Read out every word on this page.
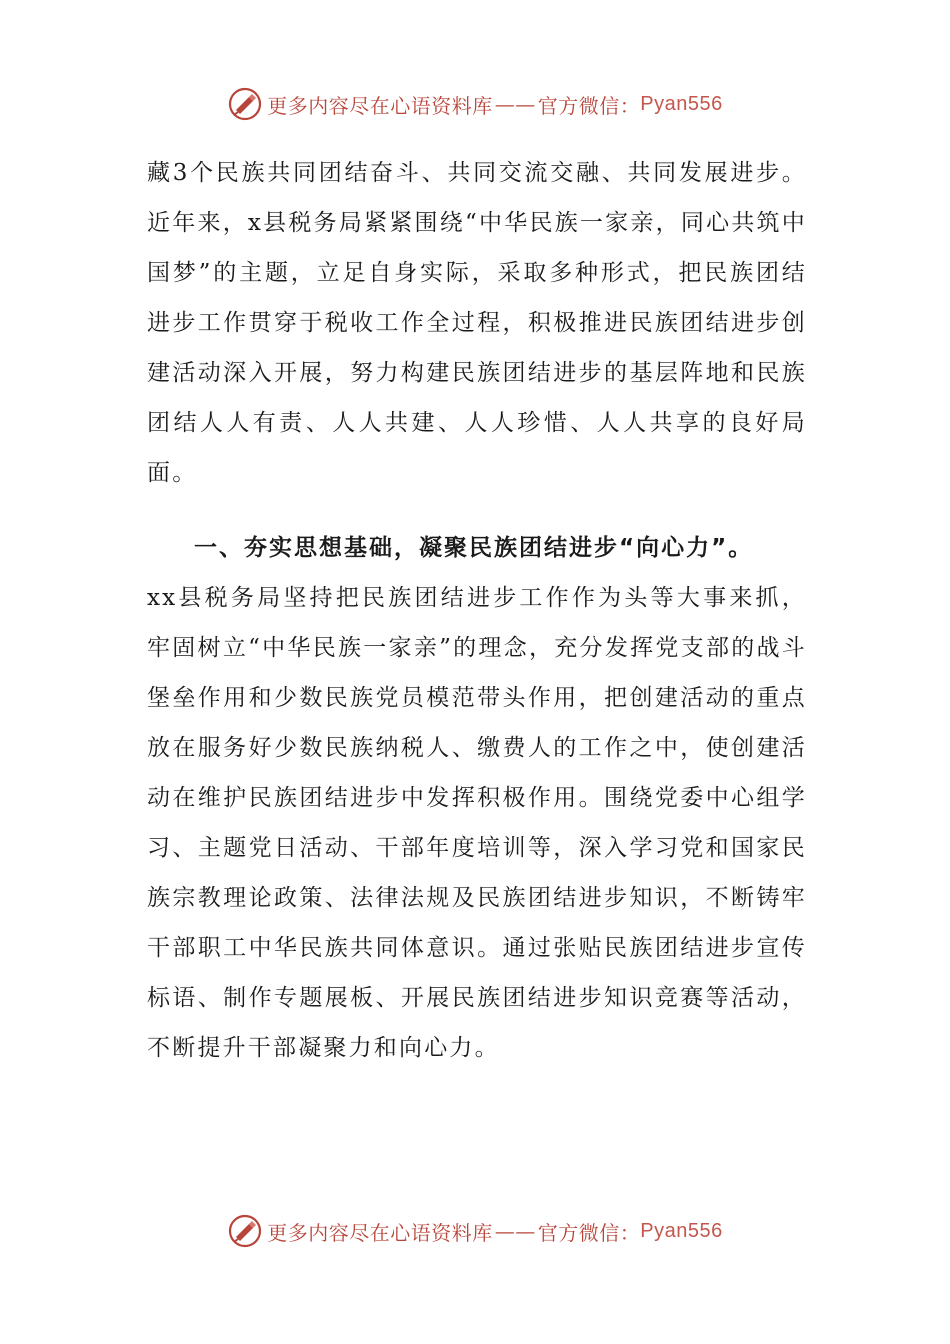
更多内容尽在心语资料库 —— 官方微信： Pyan556

藏3个民族共同团结奋斗、共同交流交融、共同发展进步。近年来，x县税务局紧紧围绕“中华民族一家亲，同心共筑中国梦”的主题，立足自身实际，采取多种形式，把民族团结进步工作贯穿于税收工作全过程，积极推进民族团结进步创建活动深入开展，努力构建民族团结进步的基层阵地和民族团结人人有责、人人共建、人人珍惜、人人共享的良好局面。

一、夯实思想基础，凝聚民族团结进步“向心力”。

xx县税务局坚持把民族团结进步工作作为头等大事来抓，牢固树立“中华民族一家亲”的理念，充分发挥党支部的战斗堡垒作用和少数民族党员模范带头作用，把创建活动的重点放在服务好少数民族纳税人、缴费人的工作之中，使创建活动在维护民族团结进步中发挥积极作用。围绕党委中心组学习、主题党日活动、干部年度培训等，深入学习党和国家民族宗教理论政策、法律法规及民族团结进步知识，不断铸牢干部职工中华民族共同体意识。通过张贴民族团结进步宣传标语、制作专题展板、开展民族团结进步知识竞赛等活动，不断提升干部凝聚力和向心力。

更多内容尽在心语资料库 —— 官方微信： Pyan556
